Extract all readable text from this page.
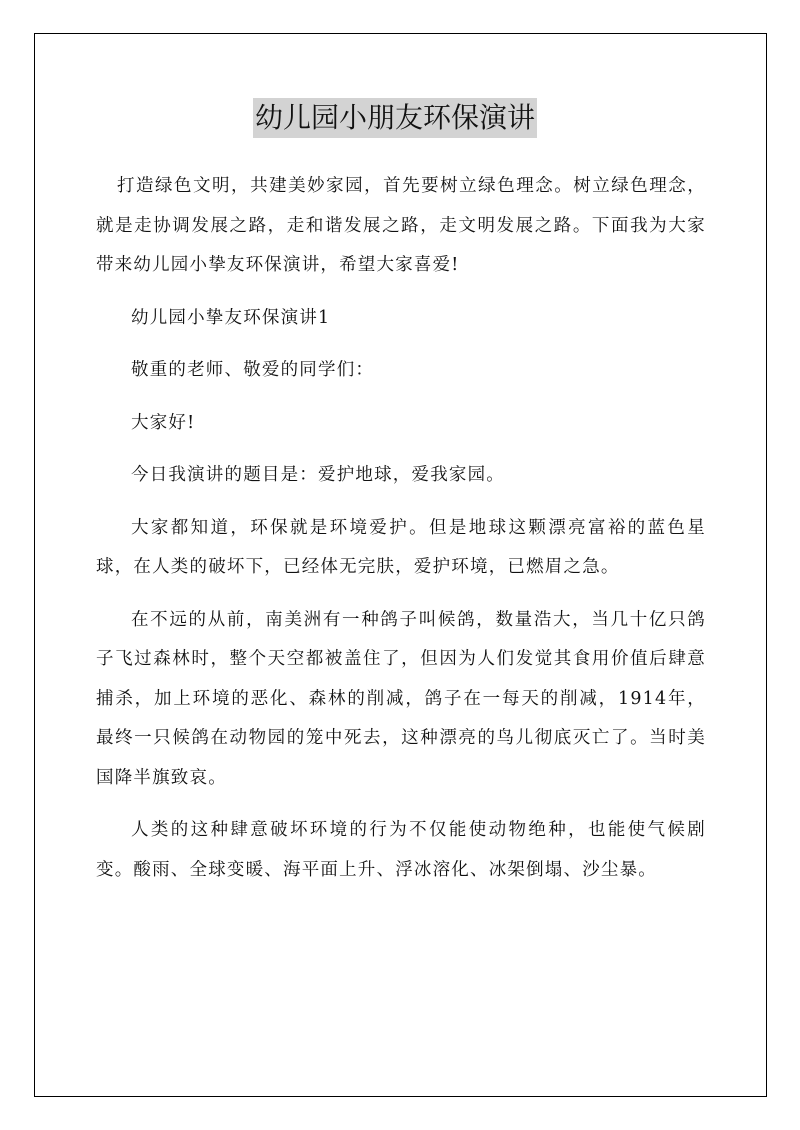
幼儿园小朋友环保演讲

打造绿色文明，共建美妙家园，首先要树立绿色理念。树立绿色理念，就是走协调发展之路，走和谐发展之路，走文明发展之路。下面我为大家带来幼儿园小挚友环保演讲，希望大家喜爱!

幼儿园小挚友环保演讲1

敬重的老师、敬爱的同学们：

大家好!

今日我演讲的题目是：爱护地球，爱我家园。

大家都知道，环保就是环境爱护。但是地球这颗漂亮富裕的蓝色星球，在人类的破坏下，已经体无完肤，爱护环境，已燃眉之急。

在不远的从前，南美洲有一种鸽子叫候鸽，数量浩大，当几十亿只鸽子飞过森林时，整个天空都被盖住了，但因为人们发觉其食用价值后肆意捕杀，加上环境的恶化、森林的削减，鸽子在一每天的削减，1914年，最终一只候鸽在动物园的笼中死去，这种漂亮的鸟儿彻底灭亡了。当时美国降半旗致哀。

人类的这种肆意破坏环境的行为不仅能使动物绝种，也能使气候剧变。酸雨、全球变暖、海平面上升、浮冰溶化、冰架倒塌、沙尘暴。
